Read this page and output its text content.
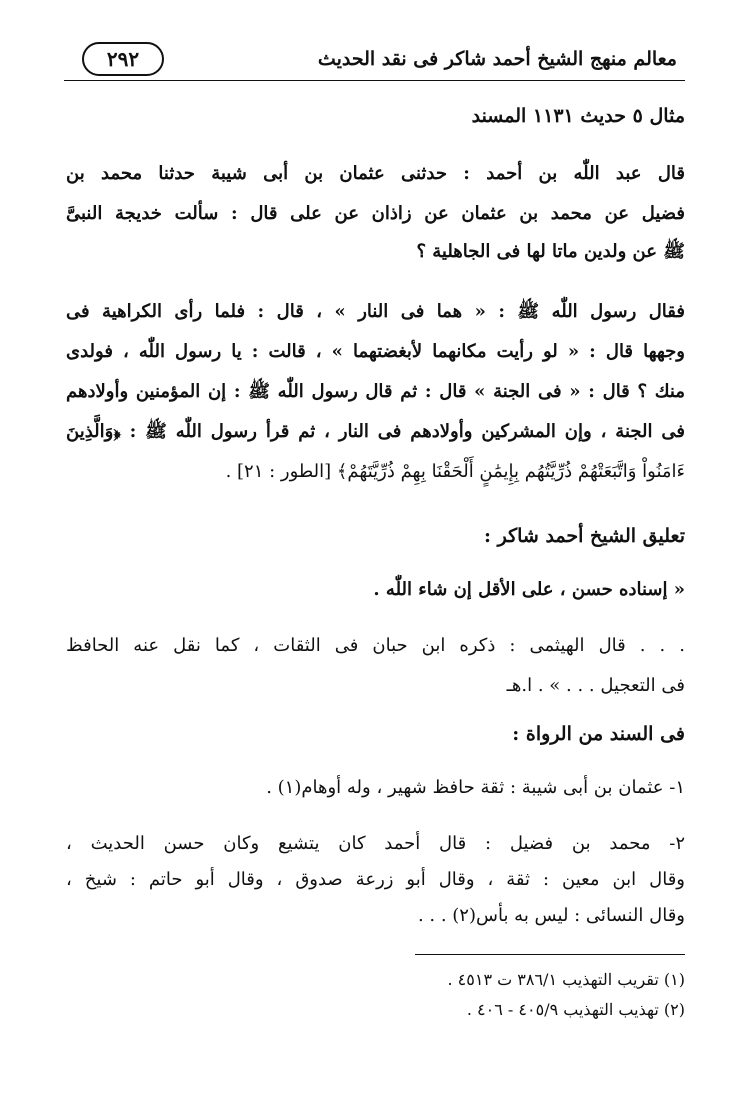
معالم منهج الشيخ أحمد شاكر فى نقد الحديث
٢٩٢
مثال ٥ حديث ١١٣١ المسند
قال عبد اللّٰه بن أحمد : حدثنى عثمان بن أبى شيبة حدثنا محمد بن
فضيل عن محمد بن عثمان عن زاذان عن على قال : سألت خديجة النبىَّ
ﷺ عن ولدين ماتا لها فى الجاهلية ؟
فقال رسول اللّٰه ﷺ : « هما فى النار » ، قال : فلما رأى الكراهية فى
وجهها قال : « لو رأيت مكانهما لأبغضتهما » ، قالت : يا رسول اللّٰه ، فولدى
منك ؟ قال : « فى الجنة » قال : ثم قال رسول اللّٰه ﷺ : إن المؤمنين وأولادهم
فى الجنة ، وإن المشركين وأولادهم فى النار ، ثم قرأ رسول اللّٰه ﷺ : ﴿وَالَّذِينَ
ءَامَنُواْ وَاتَّبَعَتْهُمْ ذُرِّيَّتُهُم بِإِيمَٰنٍ أَلْحَقْنَا بِهِمْ ذُرِّيَّتَهُمْ﴾ [الطور : ٢١] .
تعليق الشيخ أحمد شاكر :
« إسناده حسن ، على الأقل إن شاء اللّٰه .
. . . قال الهيثمى : ذكره ابن حبان فى الثقات ، كما نقل عنه الحافظ
فى التعجيل . . . » . ا.هـ
فى السند من الرواة :
١- عثمان بن أبى شيبة : ثقة حافظ شهير ، وله أوهام(١) .
٢- محمد بن فضيل : قال أحمد كان يتشيع وكان حسن الحديث ،
وقال ابن معين : ثقة ، وقال أبو زرعة صدوق ، وقال أبو حاتم : شيخ ،
وقال النسائى : ليس به بأس(٢) . . .
(١) تقريب التهذيب ٣٨٦/١ ت ٤٥١٣ .
(٢) تهذيب التهذيب ٤٠٥/٩ - ٤٠٦ .
